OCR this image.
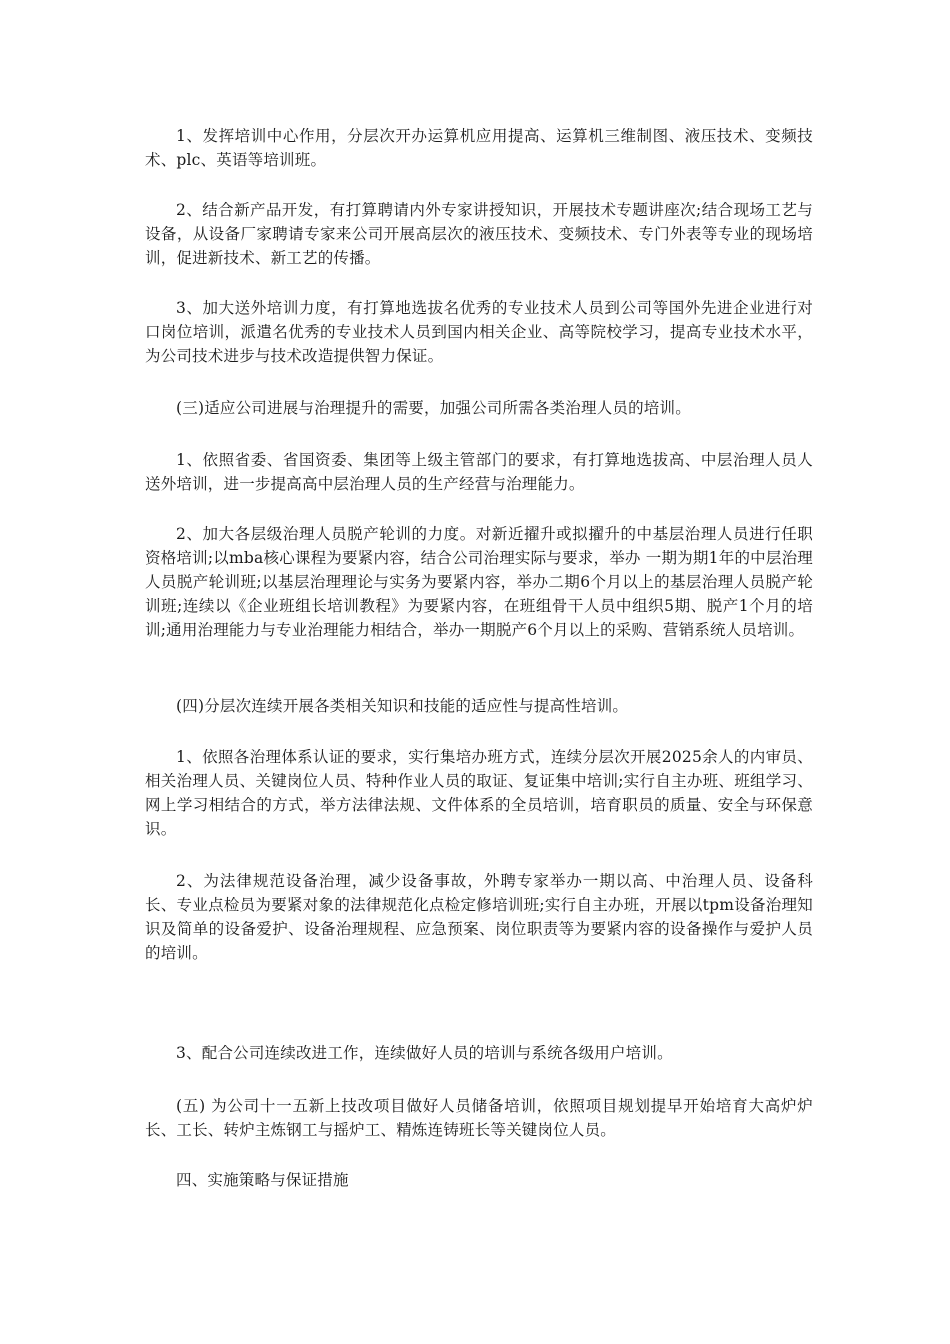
1、发挥培训中心作用，分层次开办运算机应用提高、运算机三维制图、液压技术、变频技术、plc、英语等培训班。

2、结合新产品开发，有打算聘请内外专家讲授知识，开展技术专题讲座次;结合现场工艺与设备，从设备厂家聘请专家来公司开展高层次的液压技术、变频技术、专门外表等专业的现场培训，促进新技术、新工艺的传播。

3、加大送外培训力度，有打算地选拔名优秀的专业技术人员到公司等国外先进企业进行对口岗位培训，派遣名优秀的专业技术人员到国内相关企业、高等院校学习，提高专业技术水平，为公司技术进步与技术改造提供智力保证。

(三)适应公司进展与治理提升的需要，加强公司所需各类治理人员的培训。

1、依照省委、省国资委、集团等上级主管部门的要求，有打算地选拔高、中层治理人员人送外培训，进一步提高高中层治理人员的生产经营与治理能力。

2、加大各层级治理人员脱产轮训的力度。对新近擢升或拟擢升的中基层治理人员进行任职资格培训;以mba核心课程为要紧内容，结合公司治理实际与要求，举办 一期为期1年的中层治理人员脱产轮训班;以基层治理理论与实务为要紧内容，举办二期6个月以上的基层治理人员脱产轮训班;连续以《企业班组长培训教程》为要紧内容，在班组骨干人员中组织5期、脱产1个月的培训;通用治理能力与专业治理能力相结合，举办一期脱产6个月以上的采购、营销系统人员培训。

(四)分层次连续开展各类相关知识和技能的适应性与提高性培训。

1、依照各治理体系认证的要求，实行集培办班方式，连续分层次开展2025余人的内审员、相关治理人员、关键岗位人员、特种作业人员的取证、复证集中培训;实行自主办班、班组学习、网上学习相结合的方式，举方法律法规、文件体系的全员培训，培育职员的质量、安全与环保意识。

2、为法律规范设备治理，减少设备事故，外聘专家举办一期以高、中治理人员、设备科长、专业点检员为要紧对象的法律规范化点检定修培训班;实行自主办班，开展以tpm设备治理知识及简单的设备爱护、设备治理规程、应急预案、岗位职责等为要紧内容的设备操作与爱护人员的培训。

3、配合公司连续改进工作，连续做好人员的培训与系统各级用户培训。

(五) 为公司十一五新上技改项目做好人员储备培训，依照项目规划提早开始培育大高炉炉长、工长、转炉主炼钢工与摇炉工、精炼连铸班长等关键岗位人员。

四、实施策略与保证措施
